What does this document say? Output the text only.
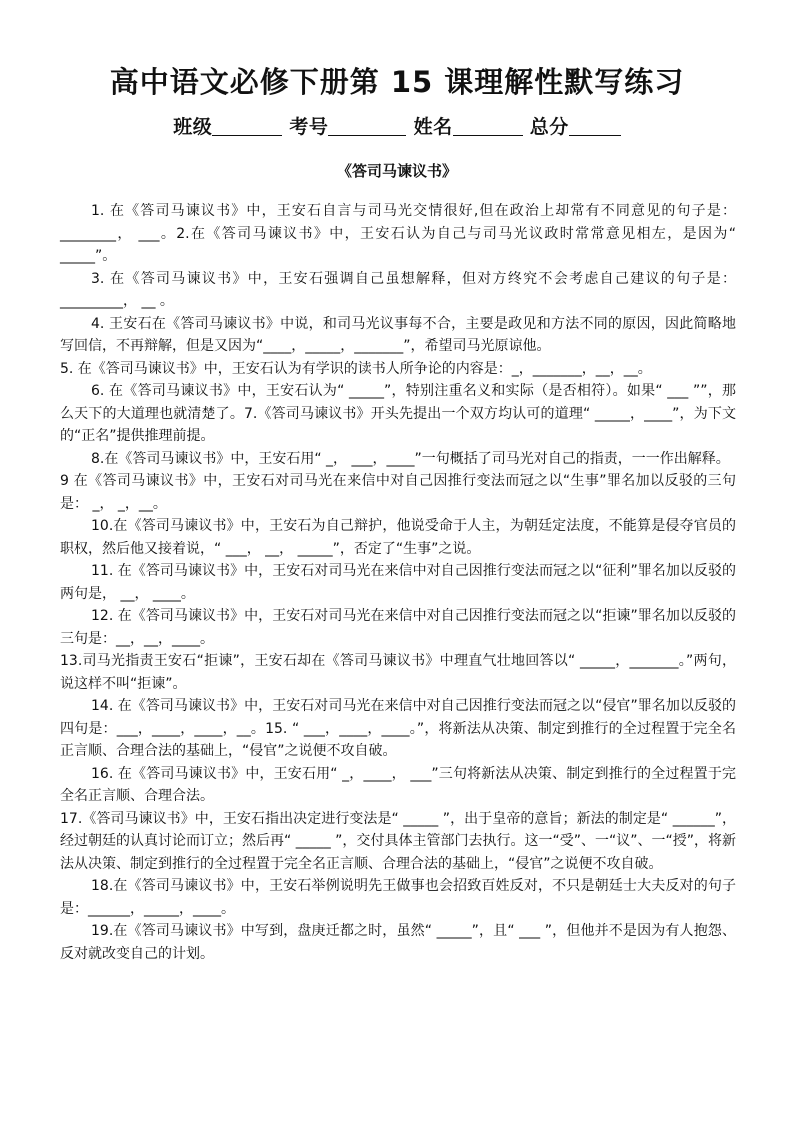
高中语文必修下册第 15 课理解性默写练习
班级	考号	姓名	总分
《答司马谏议书》

1. 在《答司马谏议书》中，王安石自言与司马光交情很好,但在政治上却常有不同意见的句子是：________， ___。2.在《答司马谏议书》中，王安石认为自己与司马光议政时常常意见相左，是因为“ _____”。

3. 在《答司马谏议书》中，王安石强调自己虽想解释，但对方终究不会考虑自己建议的句子是：_________， __ 。

4. 王安石在《答司马谏议书》中说，和司马光议事每不合，主要是政见和方法不同的原因，因此简略地写回信，不再辩解，但是又因为“____，_____，_______”，希望司马光原谅他。

5. 在《答司马谏议书》中，王安石认为有学识的读书人所争论的内容是：_，_______，__，__。

6. 在《答司马谏议书》中，王安石认为“ _____”，特别注重名义和实际（是否相符）。如果“ ___ ””，那么天下的大道理也就清楚了。7.《答司马谏议书》开头先提出一个双方均认可的道理“ _____，____”，为下文的“正名”提供推理前提。

8.在《答司马谏议书》中，王安石用“ _， ___，____”一句概括了司马光对自己的指责，一一作出解释。

9 在《答司马谏议书》中，王安石对司马光在来信中对自己因推行变法而冠之以“生事”罪名加以反驳的三句是： _， _，__。

10.在《答司马谏议书》中，王安石为自己辩护，他说受命于人主，为朝廷定法度，不能算是侵夺官员的职权，然后他又接着说，“ ___， __， _____”，否定了“生事”之说。

11. 在《答司马谏议书》中，王安石对司马光在来信中对自己因推行变法而冠之以“征利”罪名加以反驳的两句是， __， ____。

12. 在《答司马谏议书》中，王安石对司马光在来信中对自己因推行变法而冠之以“拒谏”罪名加以反驳的三句是：__，__，____。

13.司马光指责王安石“拒谏”，王安石却在《答司马谏议书》中理直气壮地回答以“ _____，_______。”两句，说这样不叫“拒谏”。

14. 在《答司马谏议书》中，王安石对司马光在来信中对自己因推行变法而冠之以“侵官”罪名加以反驳的四句是：___，____，____，__。15. “ ___，____，____。”，将新法从决策、制定到推行的全过程置于完全名正言顺、合理合法的基础上，“侵官”之说便不攻自破。

16. 在《答司马谏议书》中，王安石用“ _，____， ___”三句将新法从决策、制定到推行的全过程置于完全名正言顺、合理合法。

17.《答司马谏议书》中，王安石指出决定进行变法是“ _____ ”，出于皇帝的意旨；新法的制定是“ ______”，经过朝廷的认真讨论而订立；然后再“ _____ ”，交付具体主管部门去执行。这一“受”、一“议”、一“授”，将新法从决策、制定到推行的全过程置于完全名正言顺、合理合法的基础上，“侵官”之说便不攻自破。

18.在《答司马谏议书》中，王安石举例说明先王做事也会招致百姓反对，不只是朝廷士大夫反对的句子是：______，_____，____。

19.在《答司马谏议书》中写到，盘庚迁都之时，虽然“ _____”，且“ ___ ”，但他并不是因为有人抱怨、反对就改变自己的计划。
